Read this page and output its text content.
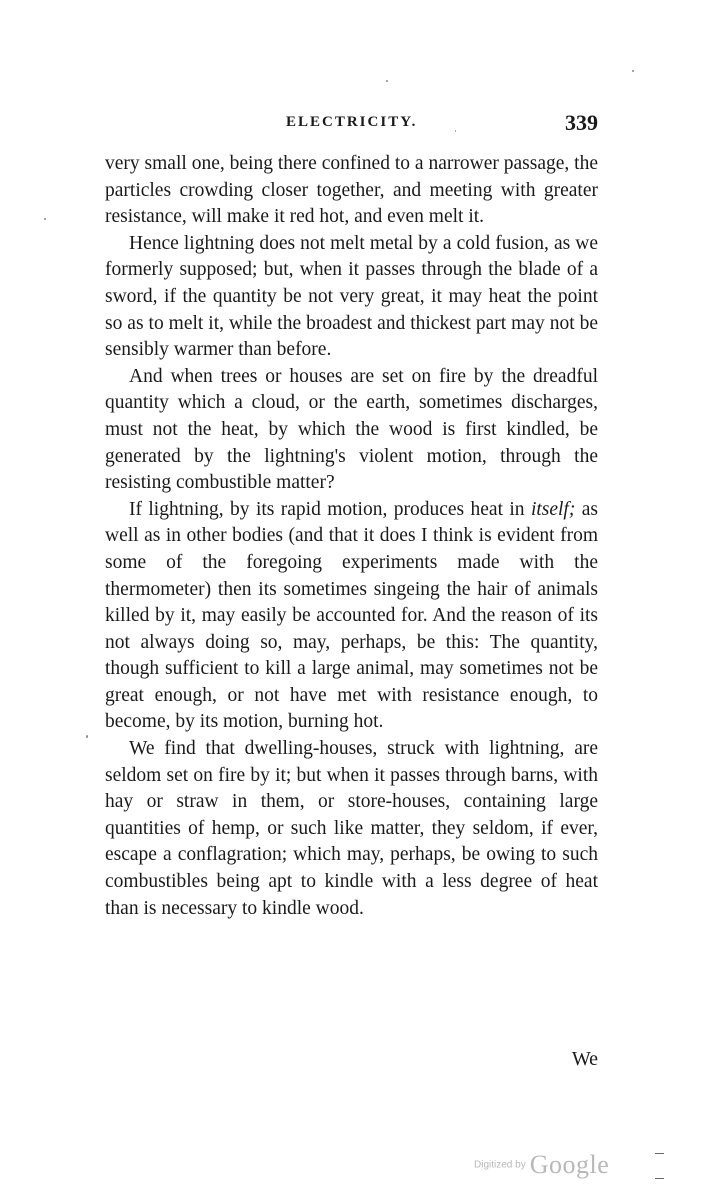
ELECTRICITY.	339

very small one, being there confined to a narrower passage, the particles crowding closer together, and meeting with greater resistance, will make it red hot, and even melt it.

Hence lightning does not melt metal by a cold fusion, as we formerly supposed; but, when it passes through the blade of a sword, if the quantity be not very great, it may heat the point so as to melt it, while the broadest and thickest part may not be sensibly warmer than before.

And when trees or houses are set on fire by the dreadful quantity which a cloud, or the earth, sometimes discharges, must not the heat, by which the wood is first kindled, be generated by the lightning's violent motion, through the resisting combustible matter?

If lightning, by its rapid motion, produces heat in itself; as well as in other bodies (and that it does I think is evident from some of the foregoing experiments made with the thermometer) then its sometimes singeing the hair of animals killed by it, may easily be accounted for. And the reason of its not always doing so, may, perhaps, be this: The quantity, though sufficient to kill a large animal, may sometimes not be great enough, or not have met with resistance enough, to become, by its motion, burning hot.

We find that dwelling-houses, struck with lightning, are seldom set on fire by it; but when it passes through barns, with hay or straw in them, or store-houses, containing large quantities of hemp, or such like matter, they seldom, if ever, escape a conflagration; which may, perhaps, be owing to such combustibles being apt to kindle with a less degree of heat than is necessary to kindle wood.

We
Digitized by Google
